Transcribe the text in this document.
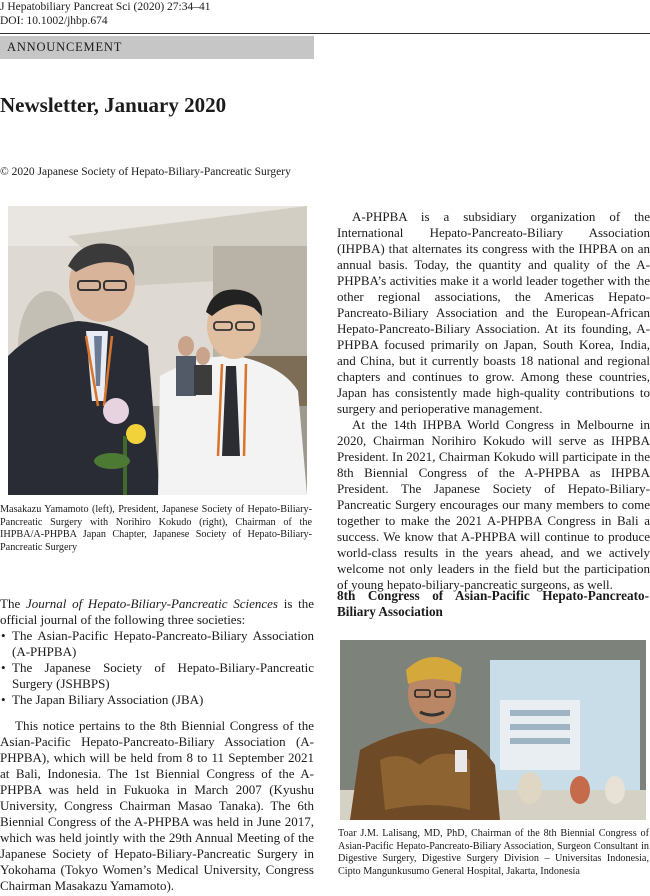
J Hepatobiliary Pancreat Sci (2020) 27:34–41
DOI: 10.1002/jhbp.674
ANNOUNCEMENT
Newsletter, January 2020
© 2020 Japanese Society of Hepato-Biliary-Pancreatic Surgery
Masakazu Yamamoto (left), President, Japanese Society of Hepato-Biliary-Pancreatic Surgery with Norihiro Kokudo (right), Chairman of the IHPBA/A-PHPBA Japan Chapter, Japanese Society of Hepato-Biliary-Pancreatic Surgery

The Journal of Hepato-Biliary-Pancreatic Sciences is the official journal of the following three societies:

• The Asian-Pacific Hepato-Pancreato-Biliary Association (A-PHPBA)
• The Japanese Society of Hepato-Biliary-Pancreatic Surgery (JSHBPS)
• The Japan Biliary Association (JBA)

This notice pertains to the 8th Biennial Congress of the Asian-Pacific Hepato-Pancreato-Biliary Association (A-PHPBA), which will be held from 8 to 11 September 2021 at Bali, Indonesia. The 1st Biennial Congress of the A-PHPBA was held in Fukuoka in March 2007 (Kyushu University, Congress Chairman Masao Tanaka). The 6th Biennial Congress of the A-PHPBA was held in June 2017, which was held jointly with the 29th Annual Meeting of the Japanese Society of Hepato-Biliary-Pancreatic Surgery in Yokohama (Tokyo Women’s Medical University, Congress Chairman Masakazu Yamamoto).

A-PHPBA is a subsidiary organization of the International Hepato-Pancreato-Biliary Association (IHPBA) that alternates its congress with the IHPBA on an annual basis. Today, the quantity and quality of the A-PHPBA’s activities make it a world leader together with the other regional associations, the Americas Hepato-Pancreato-Biliary Association and the European-African Hepato-Pancreato-Biliary Association. At its founding, A-PHPBA focused primarily on Japan, South Korea, India, and China, but it currently boasts 18 national and regional chapters and continues to grow. Among these countries, Japan has consistently made high-quality contributions to surgery and perioperative management.

At the 14th IHPBA World Congress in Melbourne in 2020, Chairman Norihiro Kokudo will serve as IHPBA President. In 2021, Chairman Kokudo will participate in the 8th Biennial Congress of the A-PHPBA as IHPBA President. The Japanese Society of Hepato-Biliary-Pancreatic Surgery encourages our many members to come together to make the 2021 A-PHPBA Congress in Bali a success. We know that A-PHPBA will continue to produce world-class results in the years ahead, and we actively welcome not only leaders in the field but the participation of young hepato-biliary-pancreatic surgeons, as well.

8th Congress of Asian-Pacific Hepato-Pancreato-Biliary Association
Toar J.M. Lalisang, MD, PhD, Chairman of the 8th Biennial Congress of Asian-Pacific Hepato-Pancreato-Biliary Association, Surgeon Consultant in Digestive Surgery, Digestive Surgery Division – Universitas Indonesia, Cipto Mangunkusumo General Hospital, Jakarta, Indonesia
